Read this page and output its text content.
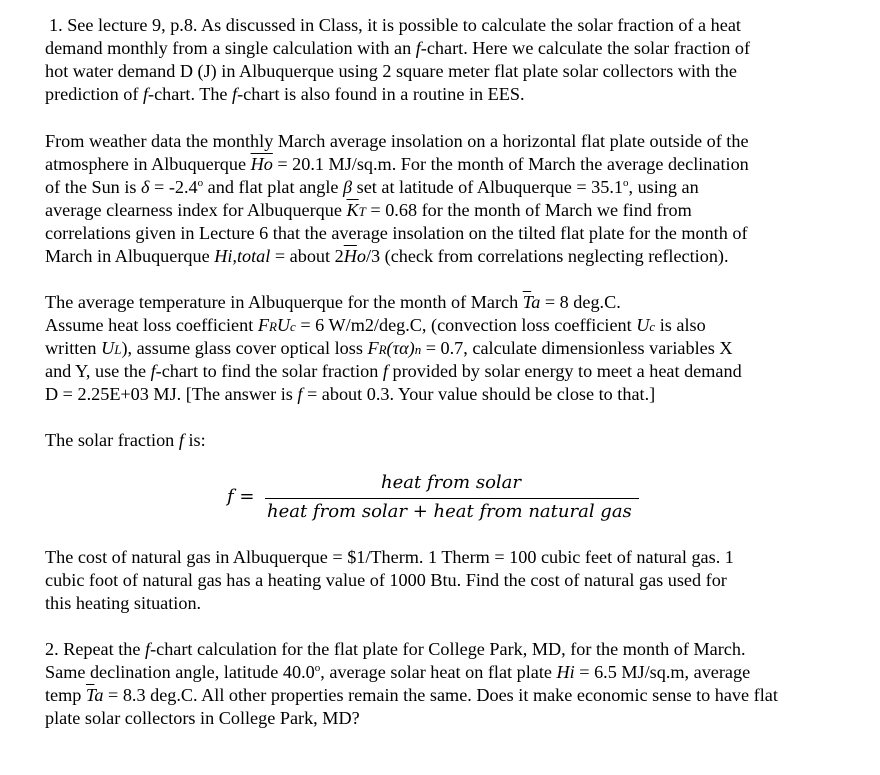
1. See lecture 9, p.8. As discussed in Class, it is possible to calculate the solar fraction of a heat
demand monthly from a single calculation with an f-chart. Here we calculate the solar fraction of
hot water demand D (J) in Albuquerque using 2 square meter flat plate solar collectors with the
prediction of f-chart. The f-chart is also found in a routine in EES.
From weather data the monthly March average insolation on a horizontal flat plate outside of the
atmosphere in Albuquerque $\overline{Ho} = 20.1$ MJ/sq.m. For the month of March the average declination
of the Sun is $\delta = -2.4^o$ and flat plat angle β set at latitude of Albuquerque = $35.1^o$, using an
average clearness index for Albuquerque $\overline{K}T = 0.68$ for the month of March we find from
correlations given in Lecture 6 that the average insolation on the tilted flat plate for the month of
March in Albuquerque Hi,total = about $2\overline{H}o/3$ (check from correlations neglecting reflection).
The average temperature in Albuquerque for the month of March $\overline{T}a = 8$ deg.C.
Assume heat loss coefficient FRUc = 6 W/m2/deg.C, (convection loss coefficient Uc is also
written UL), assume glass cover optical loss FR(τα)n = 0.7, calculate dimensionless variables X
and Y, use the f-chart to find the solar fraction f provided by solar energy to meet a heat demand
D = 2.25E+03 MJ. [The answer is f = about 0.3. Your value should be close to that.]
The solar fraction f is:
f =
heat from solar
heat from solar + heat from natural gas
The cost of natural gas in Albuquerque = $1/Therm. 1 Therm = 100 cubic feet of natural gas. 1
cubic foot of natural gas has a heating value of 1000 Btu. Find the cost of natural gas used for
this heating situation.
2. Repeat the f-chart calculation for the flat plate for College Park, MD, for the month of March.
Same declination angle, latitude 40.0$^o$, average solar heat on flat plate Hi = 6.5 MJ/sq.m, average
temp $\overline{T}a = 8.3$ deg.C. All other properties remain the same. Does it make economic sense to have flat
plate solar collectors in College Park, MD?
